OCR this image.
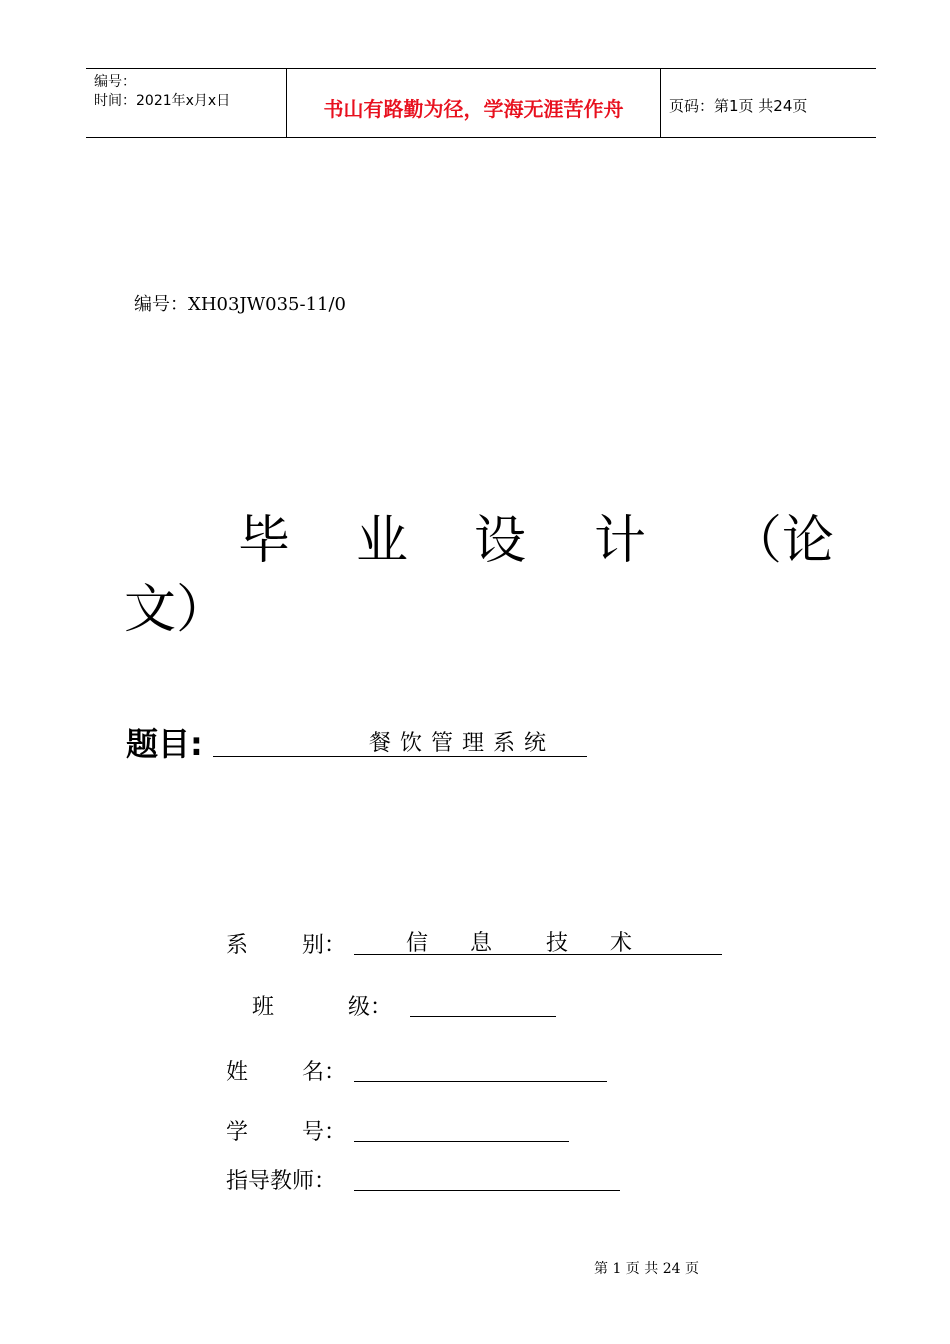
编号：
时间：2021年x月x日	书山有路勤为径，学海无涯苦作舟	页码：第1页 共24页
编号：XH03JW035-11/0
毕 业 设 计 （论
文）
题目:	餐饮管理系统
系 别：	信 息 技 术
班	级：
姓 名：
学 号：
指导教师：
第 1 页 共 24 页
